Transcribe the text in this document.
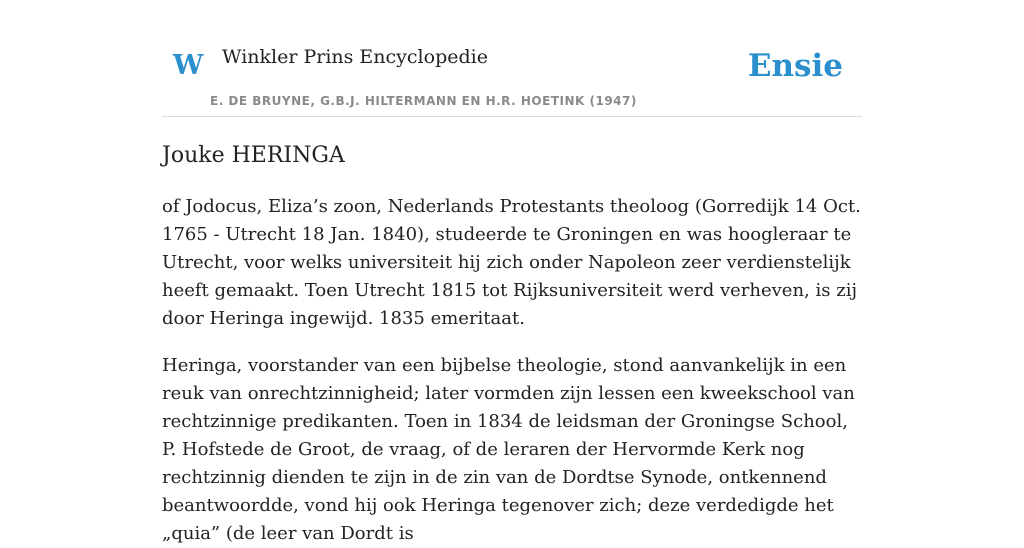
W Winkler Prins Encyclopedie
E. DE BRUYNE, G.B.J. HILTERMANN EN H.R. HOETINK (1947)
Ensie
Jouke HERINGA

of Jodocus, Eliza’s zoon, Nederlands Protestants theoloog (Gorredijk 14 Oct. 1765 - Utrecht 18 Jan. 1840), studeerde te Groningen en was hoogleraar te Utrecht, voor welks universiteit hij zich onder Napoleon zeer verdienstelijk heeft gemaakt. Toen Utrecht 1815 tot Rijksuniversiteit werd verheven, is zij door Heringa ingewijd. 1835 emeritaat.

Heringa, voorstander van een bijbelse theologie, stond aanvankelijk in een reuk van onrechtzinnigheid; later vormden zijn lessen een kweekschool van rechtzinnige predikanten. Toen in 1834 de leidsman der Groningse School, P. Hofstede de Groot, de vraag, of de leraren der Hervormde Kerk nog rechtzinnig dienden te zijn in de zin van de Dordtse Synode, ontkennend beantwoordde, vond hij ook Heringa tegenover zich; deze verdedigde het „quia” (de leer van Dordt is
